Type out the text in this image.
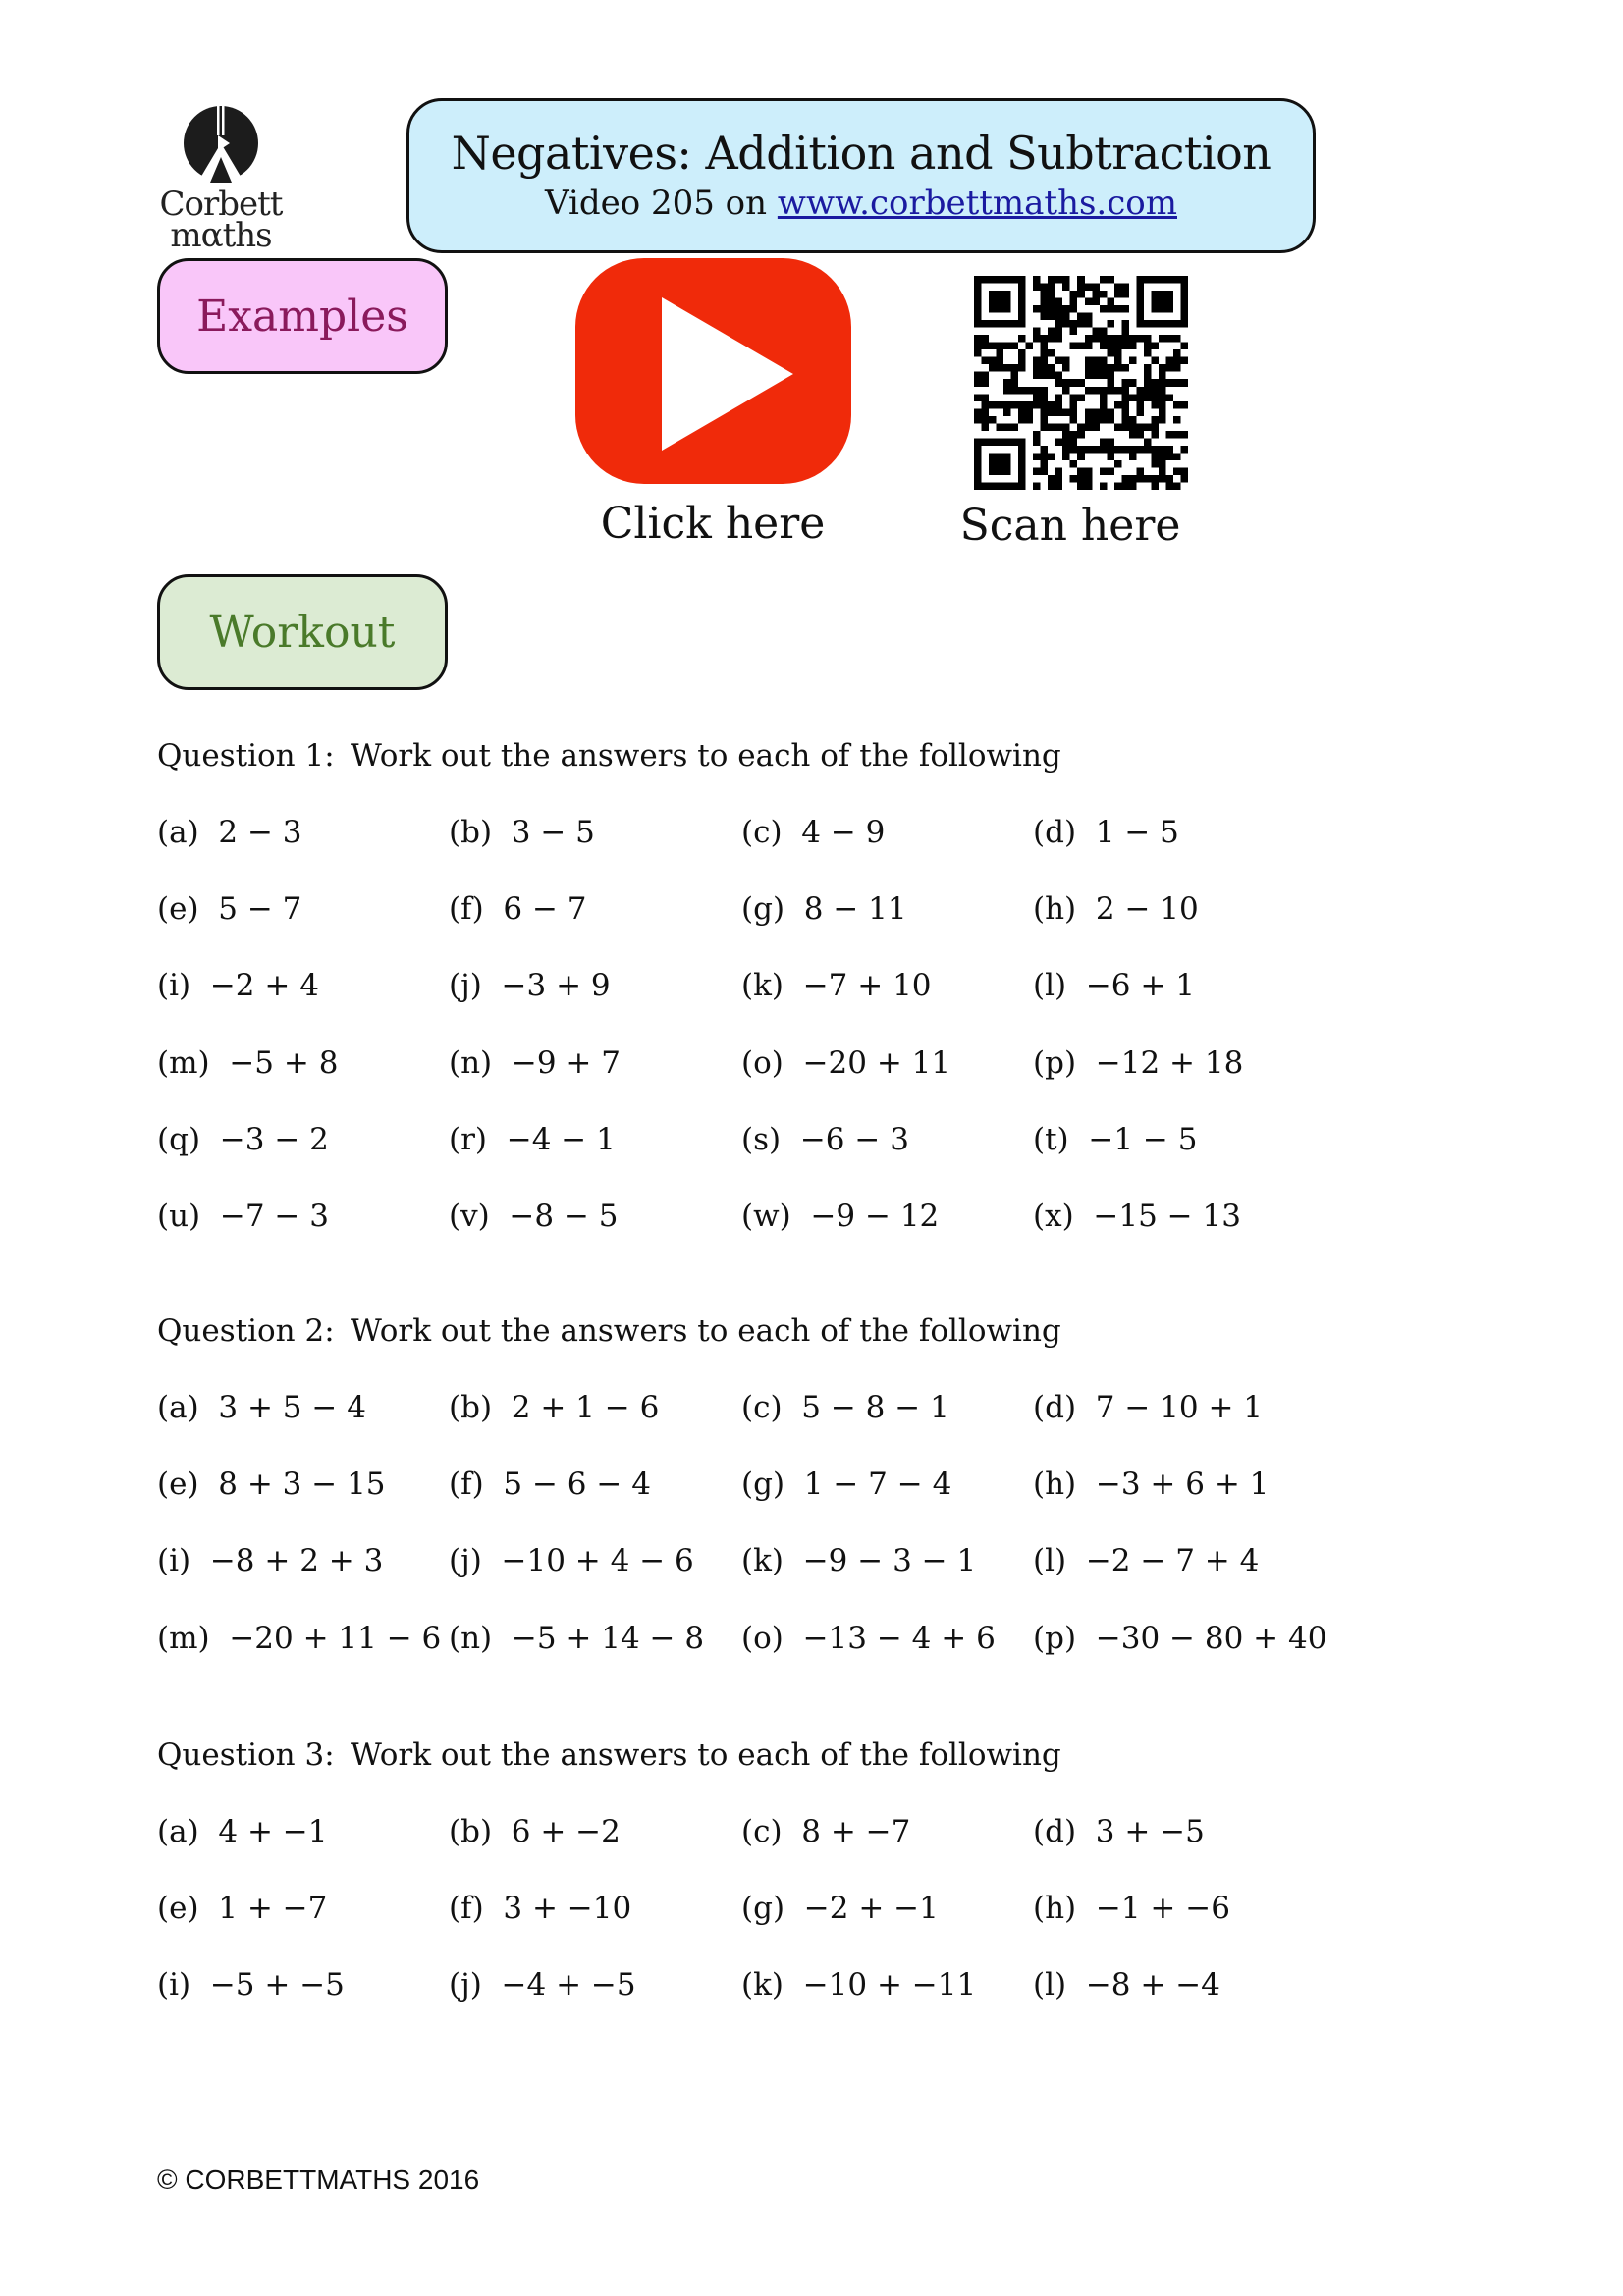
Corbett
mαths
Negatives: Addition and Subtraction
Video 205 on www.corbettmaths.com
Examples
Click here	Scan here
Workout
Question 1: Work out the answers to each of the following
(a) 2 − 3	(b) 3 − 5	(c) 4 − 9	(d) 1 − 5
(e) 5 − 7	(f) 6 − 7	(g) 8 − 11	(h) 2 − 10
(i) −2 + 4	(j) −3 + 9	(k) −7 + 10	(l) −6 + 1
(m) −5 + 8	(n) −9 + 7	(o) −20 + 11	(p) −12 + 18
(q) −3 − 2	(r) −4 − 1	(s) −6 − 3	(t) −1 − 5
(u) −7 − 3	(v) −8 − 5	(w) −9 − 12	(x) −15 − 13
Question 2: Work out the answers to each of the following
(a) 3 + 5 − 4	(b) 2 + 1 − 6	(c) 5 − 8 − 1	(d) 7 − 10 + 1
(e) 8 + 3 − 15 (f) 5 − 6 − 4	(g) 1 − 7 − 4	(h) −3 + 6 + 1
(i) −8 + 2 + 3 (j) −10 + 4 − 6 (k) −9 − 3 − 1 (l) −2 − 7 + 4
(m) −20 + 11 − 6 (n) −5 + 14 − 8 (o) −13 − 4 + 6 (p) −30 − 80 + 40
Question 3: Work out the answers to each of the following
(a) 4 + −1	(b) 6 + −2	(c) 8 + −7	(d) 3 + −5
(e) 1 + −7	(f) 3 + −10	(g) −2 + −1	(h) −1 + −6
(i) −5 + −5	(j) −4 + −5	(k) −10 + −11 (l) −8 + −4
© CORBETTMATHS 2016
